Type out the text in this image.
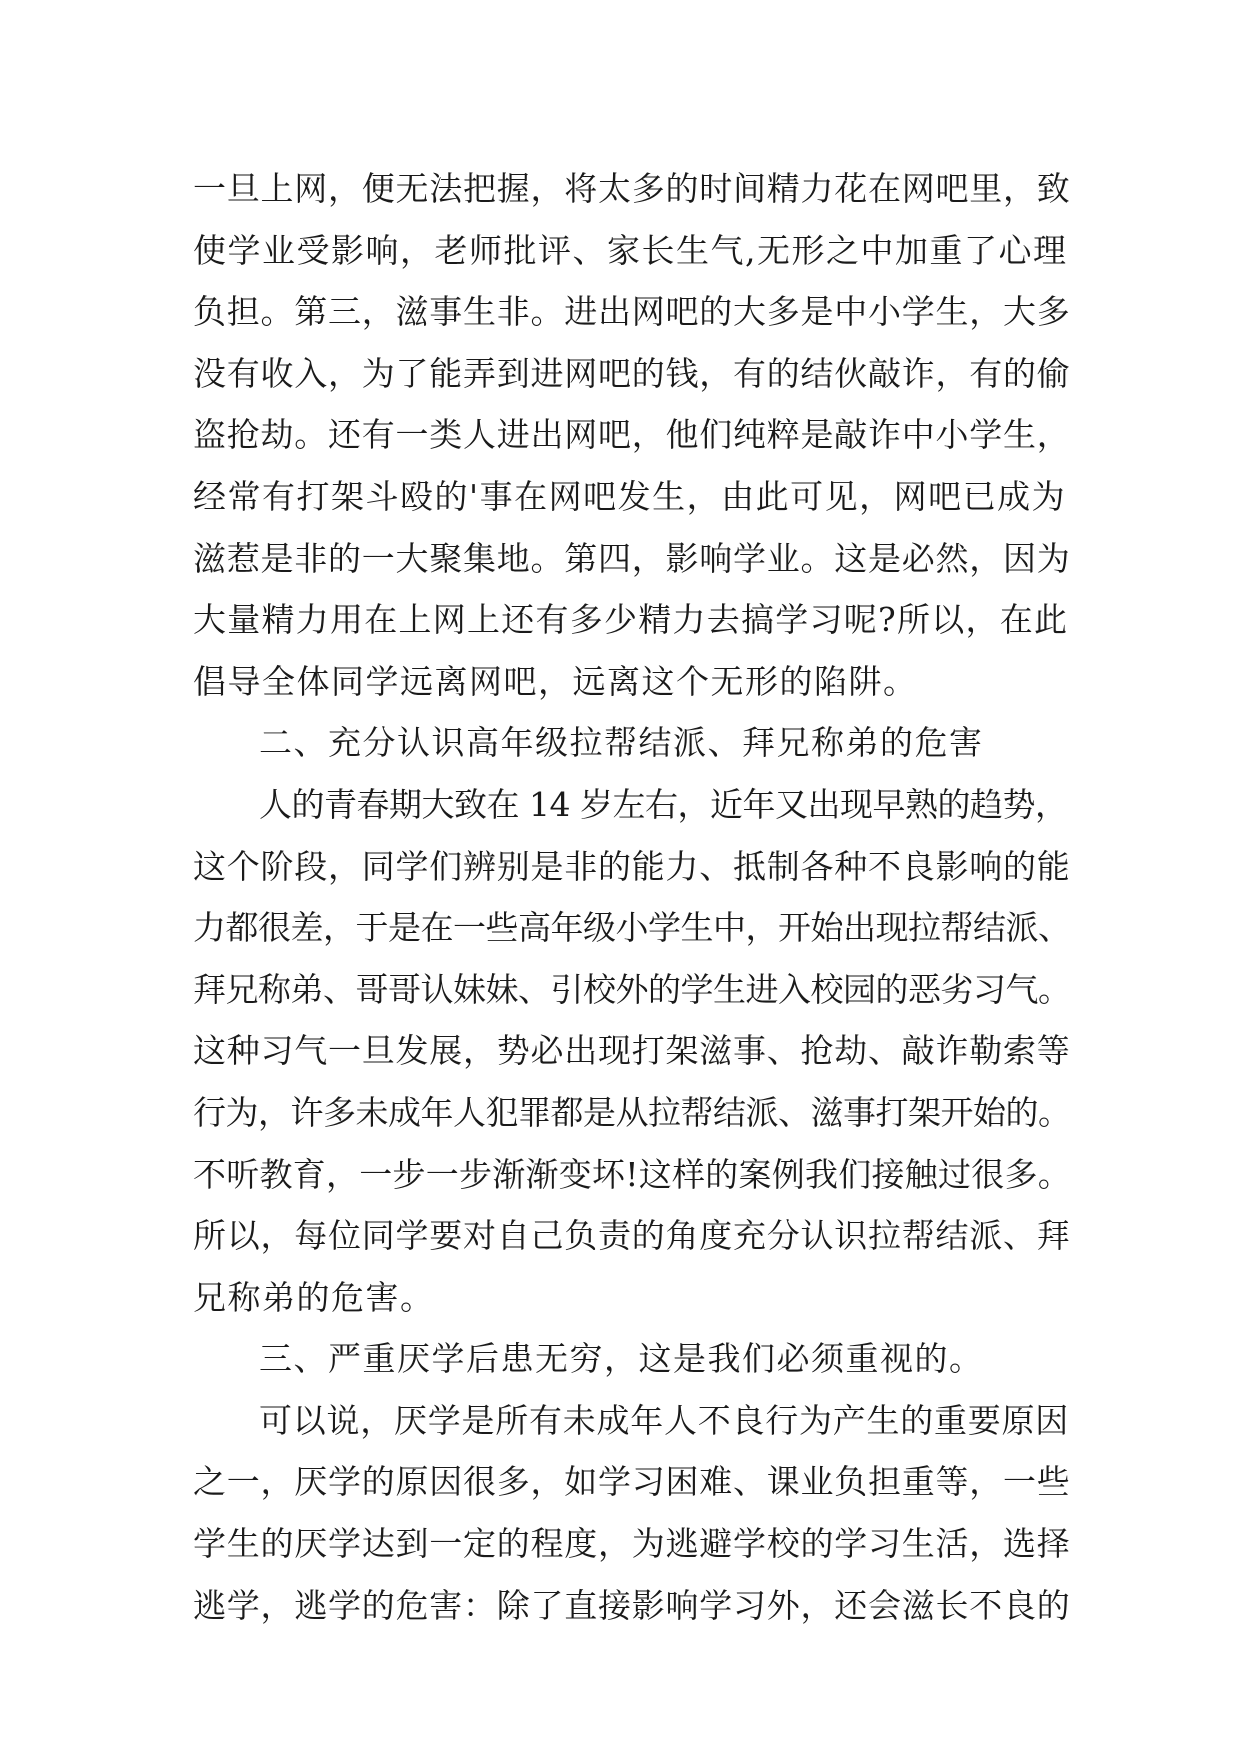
一旦上网，便无法把握，将太多的时间精力花在网吧里，致
使学业受影响，老师批评、家长生气,无形之中加重了心理
负担。第三，滋事生非。进出网吧的大多是中小学生，大多
没有收入，为了能弄到进网吧的钱，有的结伙敲诈，有的偷
盗抢劫。还有一类人进出网吧，他们纯粹是敲诈中小学生，
经常有打架斗殴的'事在网吧发生，由此可见，网吧已成为
滋惹是非的一大聚集地。第四，影响学业。这是必然，因为
大量精力用在上网上还有多少精力去搞学习呢?所以，在此
倡导全体同学远离网吧，远离这个无形的陷阱。
二、充分认识高年级拉帮结派、拜兄称弟的危害
人的青春期大致在 14 岁左右，近年又出现早熟的趋势，
这个阶段，同学们辨别是非的能力、抵制各种不良影响的能
力都很差，于是在一些高年级小学生中，开始出现拉帮结派、
拜兄称弟、哥哥认妹妹、引校外的学生进入校园的恶劣习气。
这种习气一旦发展，势必出现打架滋事、抢劫、敲诈勒索等
行为，许多未成年人犯罪都是从拉帮结派、滋事打架开始的。
不听教育，一步一步渐渐变坏!这样的案例我们接触过很多。
所以，每位同学要对自己负责的角度充分认识拉帮结派、拜
兄称弟的危害。
三、严重厌学后患无穷，这是我们必须重视的。
可以说，厌学是所有未成年人不良行为产生的重要原因
之一，厌学的原因很多，如学习困难、课业负担重等，一些
学生的厌学达到一定的程度，为逃避学校的学习生活，选择
逃学，逃学的危害：除了直接影响学习外，还会滋长不良的
